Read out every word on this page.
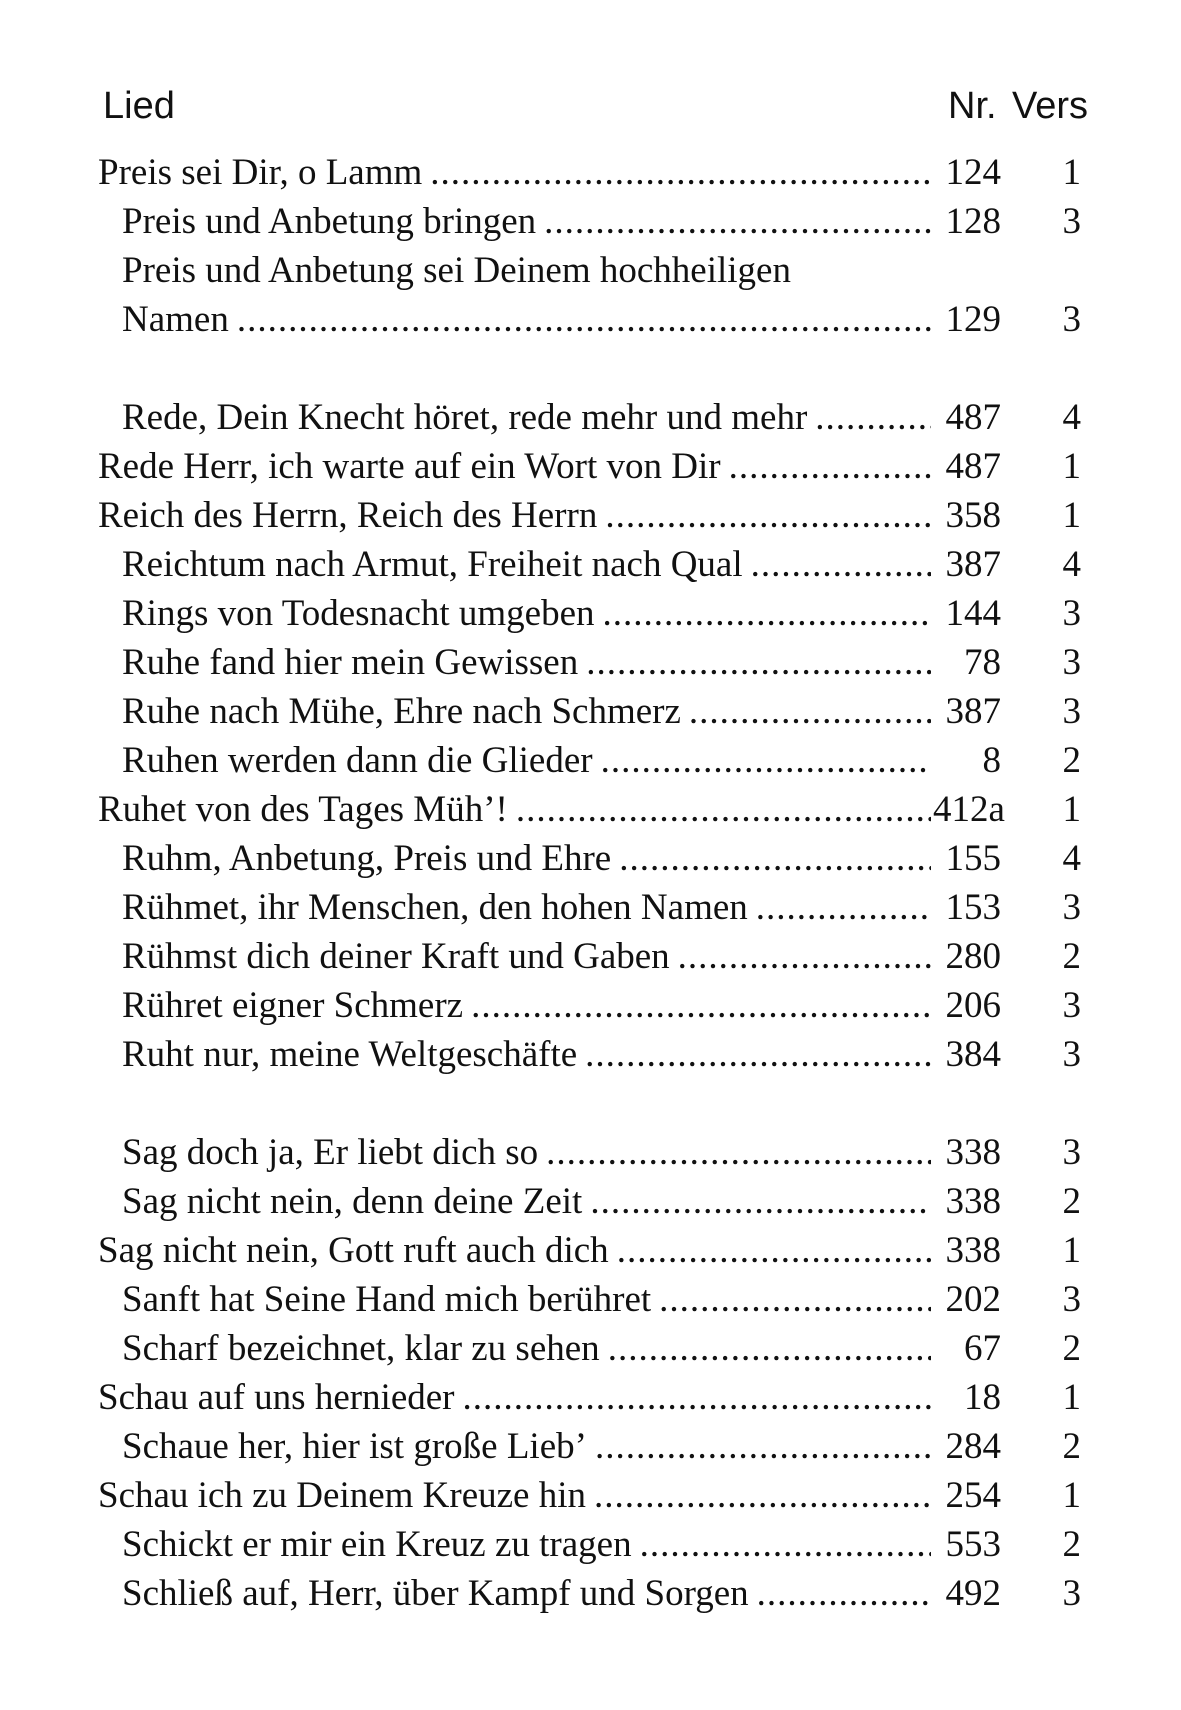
Lied	Nr. Vers
Preis sei Dir, o Lamm .....	124	1
Preis und Anbetung bringen .....	128	3
Preis und Anbetung sei Deinem hochheiligen
Namen .....	129	3
Rede, Dein Knecht höret, rede mehr und mehr .....	487	4
Rede Herr, ich warte auf ein Wort von Dir .....	487	1
Reich des Herrn, Reich des Herrn .....	358	1
Reichtum nach Armut, Freiheit nach Qual .....	387	4
Rings von Todesnacht umgeben .....	144	3
Ruhe fand hier mein Gewissen .....	78	3
Ruhe nach Mühe, Ehre nach Schmerz .....	387	3
Ruhen werden dann die Glieder .....	8	2
Ruhet von des Tages Müh’! .....	412a	1
Ruhm, Anbetung, Preis und Ehre .....	155	4
Rühmet, ihr Menschen, den hohen Namen .....	153	3
Rühmst dich deiner Kraft und Gaben .....	280	2
Rühret eigner Schmerz .....	206	3
Ruht nur, meine Weltgeschäfte .....	384	3
Sag doch ja, Er liebt dich so .....	338	3
Sag nicht nein, denn deine Zeit .....	338	2
Sag nicht nein, Gott ruft auch dich .....	338	1
Sanft hat Seine Hand mich berühret .....	202	3
Scharf bezeichnet, klar zu sehen .....	67	2
Schau auf uns hernieder .....	18	1
Schaue her, hier ist große Lieb’ .....	284	2
Schau ich zu Deinem Kreuze hin .....	254	1
Schickt er mir ein Kreuz zu tragen .....	553	2
Schließ auf, Herr, über Kampf und Sorgen .....	492	3
